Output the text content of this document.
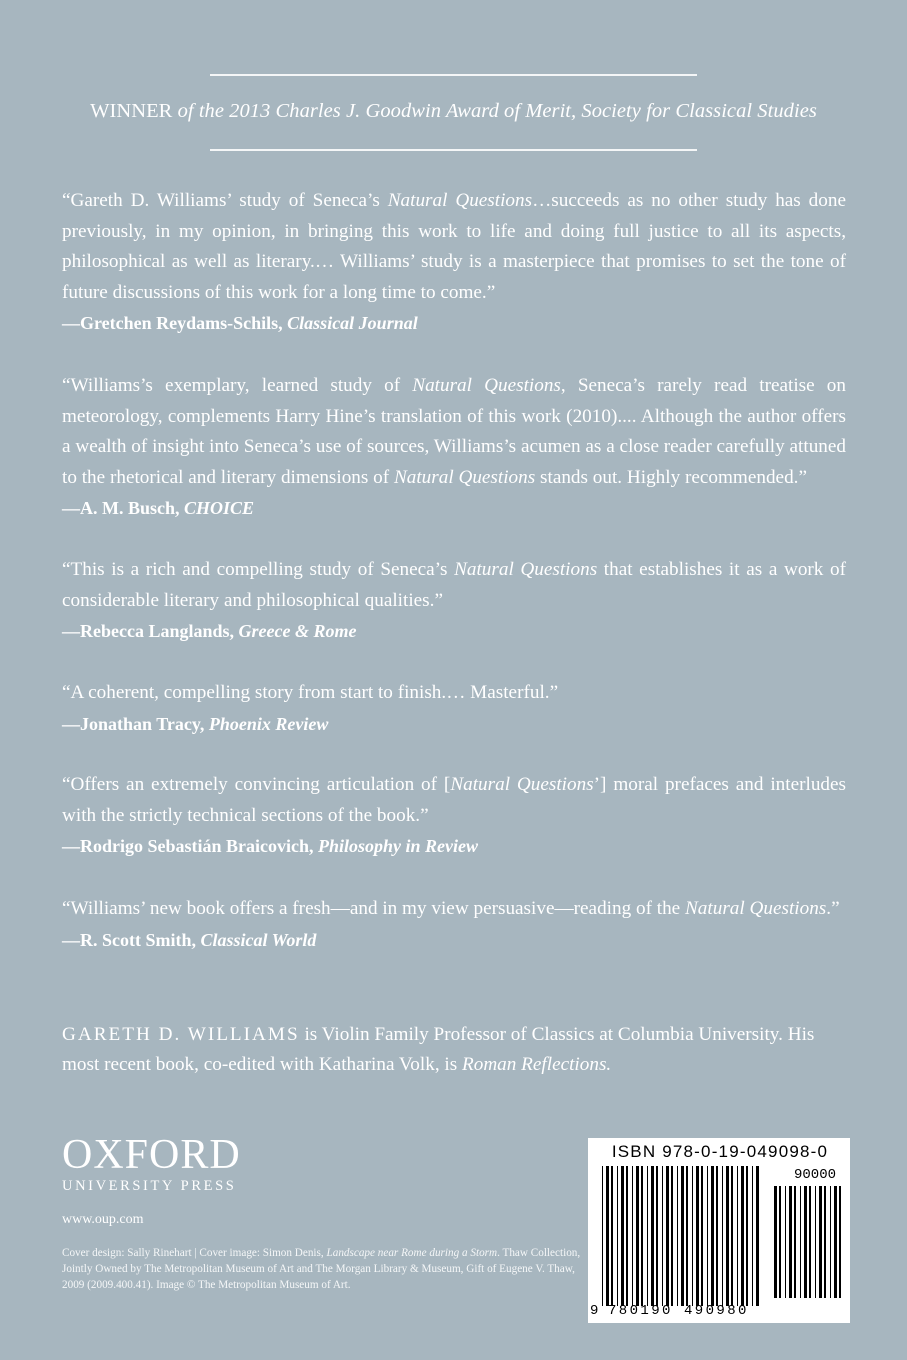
WINNER of the 2013 Charles J. Goodwin Award of Merit, Society for Classical Studies

“Gareth D. Williams’ study of Seneca’s Natural Questions…succeeds as no other study has done previously, in my opinion, in bringing this work to life and doing full justice to all its aspects, philosophical as well as literary.… Williams’ study is a masterpiece that promises to set the tone of future discussions of this work for a long time to come.”

—Gretchen Reydams-Schils, Classical Journal

“Williams’s exemplary, learned study of Natural Questions, Seneca’s rarely read treatise on meteorology, complements Harry Hine’s translation of this work (2010).... Although the author offers a wealth of insight into Seneca’s use of sources, Williams’s acumen as a close reader carefully attuned to the rhetorical and literary dimensions of Natural Questions stands out. Highly recommended.”

—A. M. Busch, CHOICE

“This is a rich and compelling study of Seneca’s Natural Questions that establishes it as a work of considerable literary and philosophical qualities.”

—Rebecca Langlands, Greece & Rome

“A coherent, compelling story from start to finish.… Masterful.”

—Jonathan Tracy, Phoenix Review

“Offers an extremely convincing articulation of [Natural Questions’] moral prefaces and interludes with the strictly technical sections of the book.”

—Rodrigo Sebastián Braicovich, Philosophy in Review

“Williams’ new book offers a fresh—and in my view persuasive—reading of the Natural Questions.”

—R. Scott Smith, Classical World
GARETH D. WILLIAMS is Violin Family Professor of Classics at Columbia University. His most recent book, co-edited with Katharina Volk, is Roman Reflections.
OXFORD
UNIVERSITY PRESS
www.oup.com
Cover design: Sally Rinehart | Cover image: Simon Denis, Landscape near Rome during a Storm. Thaw Collection, Jointly Owned by The Metropolitan Museum of Art and The Morgan Library & Museum, Gift of Eugene V. Thaw, 2009 (2009.400.41). Image © The Metropolitan Museum of Art.
ISBN 978-0-19-049098-0
90000
9 780190 490980
